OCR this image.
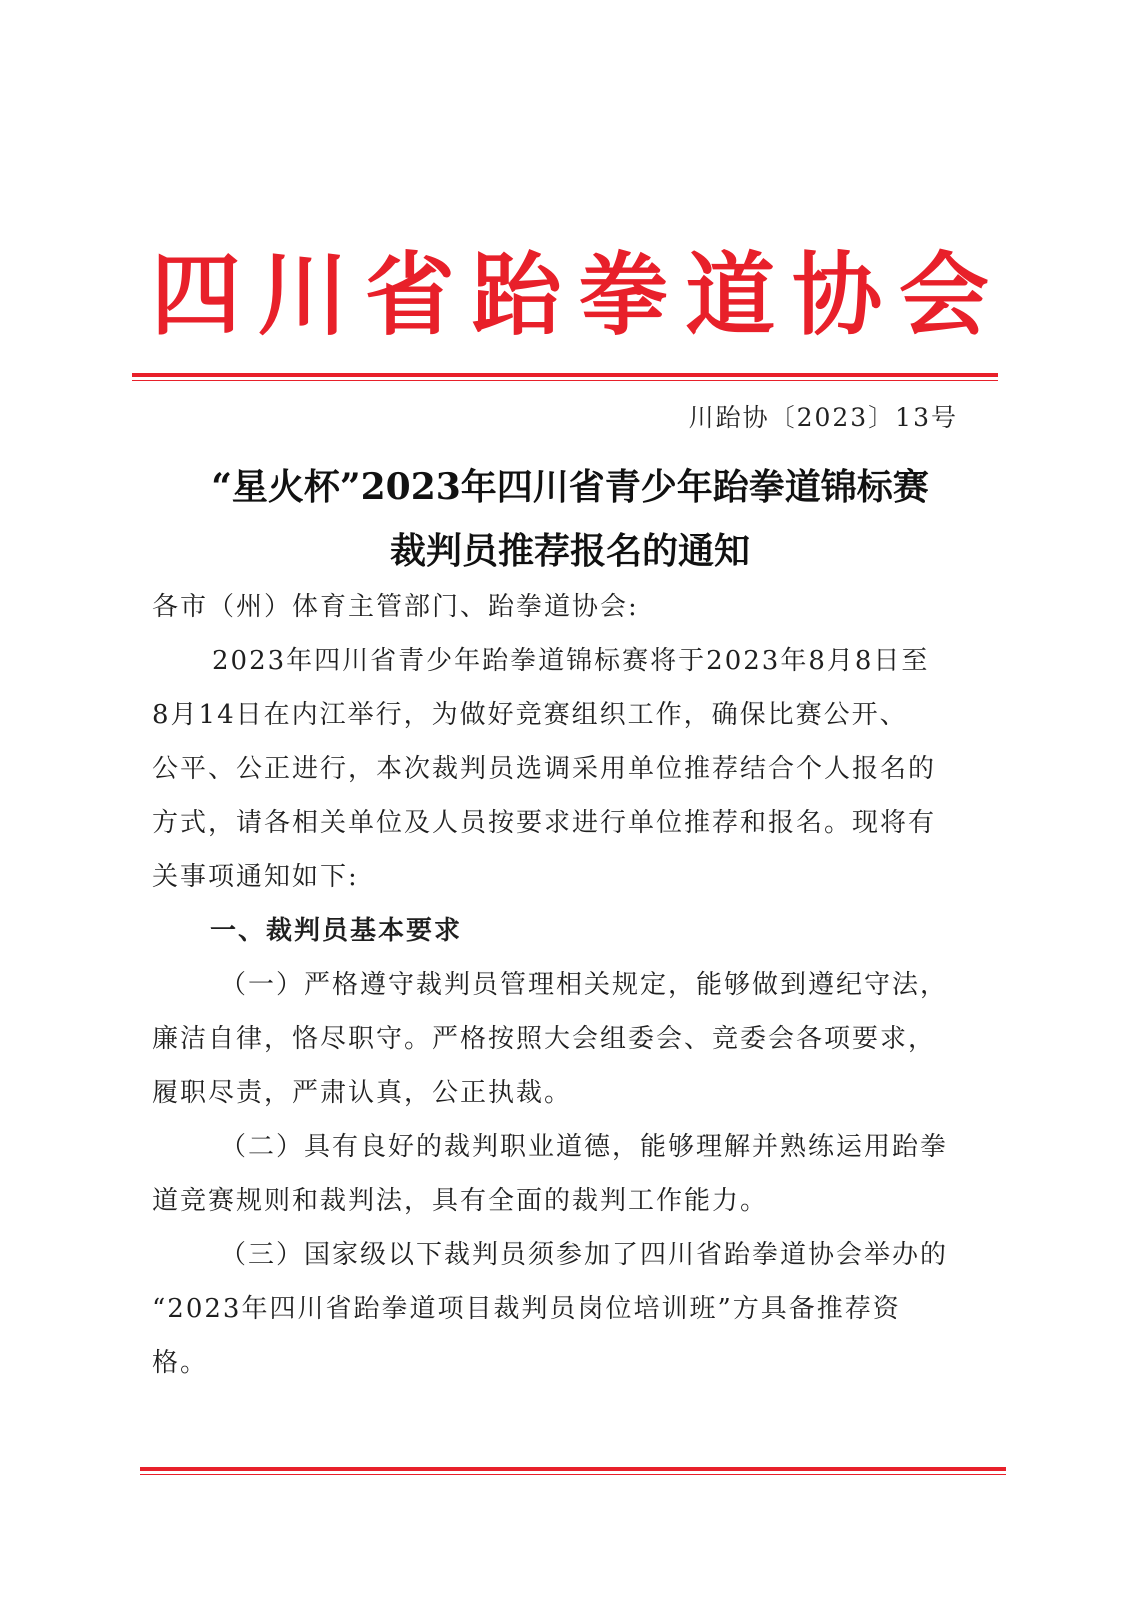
四 川 省 跆 拳 道 协 会
川跆协〔2023〕13号
“星火杯”2023年四川省青少年跆拳道锦标赛
裁判员推荐报名的通知
各市（州）体育主管部门、跆拳道协会:
2023年四川省青少年跆拳道锦标赛将于2023年8月8日至
8月14日在内江举行，为做好竞赛组织工作，确保比赛公开、
公平、公正进行，本次裁判员选调采用单位推荐结合个人报名的
方式，请各相关单位及人员按要求进行单位推荐和报名。现将有
关事项通知如下:
一、裁判员基本要求
（一）严格遵守裁判员管理相关规定，能够做到遵纪守法，
廉洁自律，恪尽职守。严格按照大会组委会、竞委会各项要求，
履职尽责，严肃认真，公正执裁。
（二）具有良好的裁判职业道德，能够理解并熟练运用跆拳
道竞赛规则和裁判法，具有全面的裁判工作能力。
（三）国家级以下裁判员须参加了四川省跆拳道协会举办的
“2023年四川省跆拳道项目裁判员岗位培训班”方具备推荐资
格。
